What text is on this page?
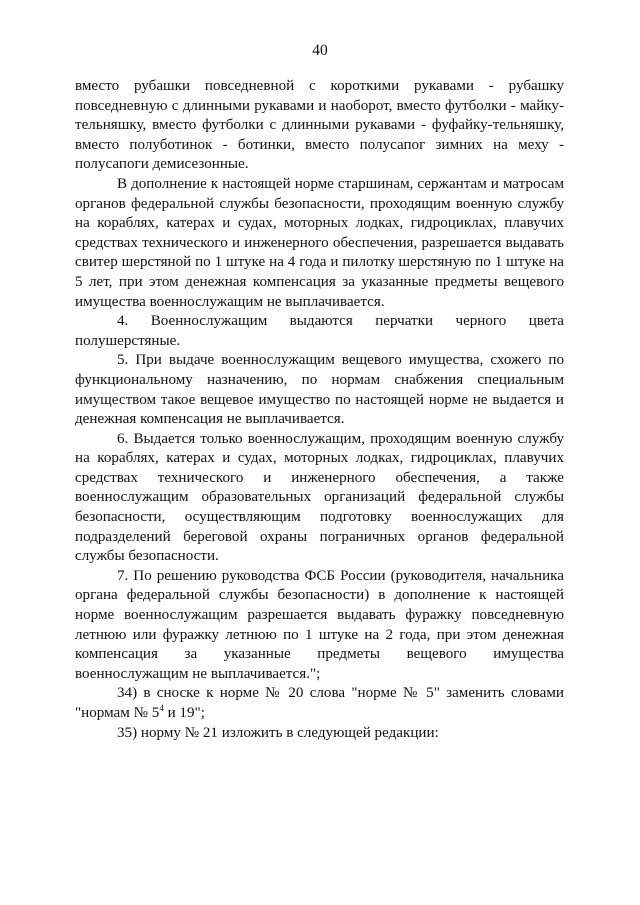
40

вместо рубашки повседневной с короткими рукавами - рубашку повседневную с длинными рукавами и наоборот, вместо футболки - майку-тельняшку, вместо футболки с длинными рукавами - фуфайку-тельняшку, вместо полуботинок - ботинки, вместо полусапог зимних на меху - полусапоги демисезонные.

В дополнение к настоящей норме старшинам, сержантам и матросам органов федеральной службы безопасности, проходящим военную службу на кораблях, катерах и судах, моторных лодках, гидроциклах, плавучих средствах технического и инженерного обеспечения, разрешается выдавать свитер шерстяной по 1 штуке на 4 года и пилотку шерстяную по 1 штуке на 5 лет, при этом денежная компенсация за указанные предметы вещевого имущества военнослужащим не выплачивается.

4. Военнослужащим выдаются перчатки черного цвета полушерстяные.

5. При выдаче военнослужащим вещевого имущества, схожего по функциональному назначению, по нормам снабжения специальным имуществом такое вещевое имущество по настоящей норме не выдается и денежная компенсация не выплачивается.

6. Выдается только военнослужащим, проходящим военную службу на кораблях, катерах и судах, моторных лодках, гидроциклах, плавучих средствах технического и инженерного обеспечения, а также военнослужащим образовательных организаций федеральной службы безопасности, осуществляющим подготовку военнослужащих для подразделений береговой охраны пограничных органов федеральной службы безопасности.

7. По решению руководства ФСБ России (руководителя, начальника органа федеральной службы безопасности) в дополнение к настоящей норме военнослужащим разрешается выдавать фуражку повседневную летнюю или фуражку летнюю по 1 штуке на 2 года, при этом денежная компенсация за указанные предметы вещевого имущества военнослужащим не выплачивается.";

34) в сноске к норме № 20 слова "норме № 5" заменить словами "нормам № $5^4$ и 19";

35) норму № 21 изложить в следующей редакции:
